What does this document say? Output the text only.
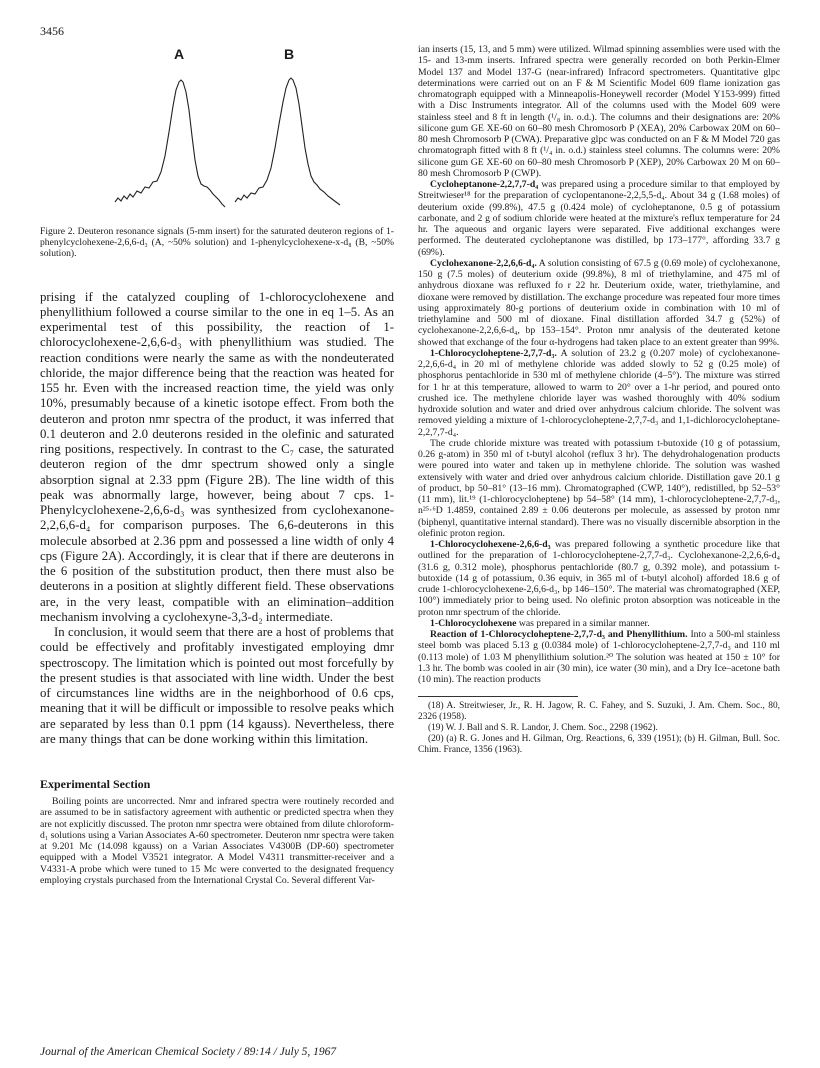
3456
A	B

Figure 2. Deuteron resonance signals (5-mm insert) for the saturated deuteron regions of 1-phenylcyclohexene-2,6,6-d₃ (A, ~50% solution) and 1-phenylcyclohexene-x-d₈ (B, ~50% solution).

prising if the catalyzed coupling of 1-chlorocyclohexene and phenyllithium followed a course similar to the one in eq 1–5. As an experimental test of this possibility, the reaction of 1-chlorocyclohexene-2,6,6-d₃ with phenyllithium was studied. The reaction conditions were nearly the same as with the nondeuterated chloride, the major difference being that the reaction was heated for 155 hr. Even with the increased reaction time, the yield was only 10%, presumably because of a kinetic isotope effect. From both the deuteron and proton nmr spectra of the product, it was inferred that 0.1 deuteron and 2.0 deuterons resided in the olefinic and saturated ring positions, respectively. In contrast to the C₇ case, the saturated deuteron region of the dmr spectrum showed only a single absorption signal at 2.33 ppm (Figure 2B). The line width of this peak was abnormally large, however, being about 7 cps. 1-Phenylcyclohexene-2,6,6-d₃ was synthesized from cyclohexanone-2,2,6,6-d₄ for comparison purposes. The 6,6-deuterons in this molecule absorbed at 2.36 ppm and possessed a line width of only 4 cps (Figure 2A). Accordingly, it is clear that if there are deuterons in the 6 position of the substitution product, then there must also be deuterons in a position at slightly different field. These observations are, in the very least, compatible with an elimination–addition mechanism involving a cyclohexyne-3,3-d₂ intermediate.

In conclusion, it would seem that there are a host of problems that could be effectively and profitably investigated employing dmr spectroscopy. The limitation which is pointed out most forcefully by the present studies is that associated with line width. Under the best of circumstances line widths are in the neighborhood of 0.6 cps, meaning that it will be difficult or impossible to resolve peaks which are separated by less than 0.1 ppm (14 kgauss). Nevertheless, there are many things that can be done working within this limitation.

Experimental Section

Boiling points are uncorrected. Nmr and infrared spectra were routinely recorded and are assumed to be in satisfactory agreement with authentic or predicted spectra when they are not explicitly discussed. The proton nmr spectra were obtained from dilute chloroform-d₁ solutions using a Varian Associates A-60 spectrometer. Deuteron nmr spectra were taken at 9.201 Mc (14.098 kgauss) on a Varian Associates V4300B (DP-60) spectrometer equipped with a Model V3521 integrator. A Model V4311 transmitter-receiver and a V4331-A probe which were tuned to 15 Mc were converted to the designated frequency employing crystals purchased from the International Crystal Co. Several different Var-

ian inserts (15, 13, and 5 mm) were utilized. Wilmad spinning assemblies were used with the 15- and 13-mm inserts. Infrared spectra were generally recorded on both Perkin-Elmer Model 137 and Model 137-G (near-infrared) Infracord spectrometers. Quantitative glpc determinations were carried out on an F & M Scientific Model 609 flame ionization gas chromatograph equipped with a Minneapolis-Honeywell recorder (Model Y153-999) fitted with a Disc Instruments integrator. All of the columns used with the Model 609 were stainless steel and 8 ft in length (¹/₈ in. o.d.). The columns and their designations are: 20% silicone gum GE XE-60 on 60–80 mesh Chromosorb P (XEA), 20% Carbowax 20M on 60–80 mesh Chromosorb P (CWA). Preparative glpc was conducted on an F & M Model 720 gas chromatograph fitted with 8 ft (¹/₄ in. o.d.) stainless steel columns. The columns were: 20% silicone gum GE XE-60 on 60–80 mesh Chromosorb P (XEP), 20% Carbowax 20 M on 60–80 mesh Chromosorb P (CWP).

Cycloheptanone-2,2,7,7-d₄ was prepared using a procedure similar to that employed by Streitwieser¹⁸ for the preparation of cyclopentanone-2,2,5,5-d₄. About 34 g (1.68 moles) of deuterium oxide (99.8%), 47.5 g (0.424 mole) of cycloheptanone, 0.5 g of potassium carbonate, and 2 g of sodium chloride were heated at the mixture's reflux temperature for 24 hr. The aqueous and organic layers were separated. Five additional exchanges were performed. The deuterated cycloheptanone was distilled, bp 173–177°, affording 33.7 g (69%).

Cyclohexanone-2,2,6,6-d₄. A solution consisting of 67.5 g (0.69 mole) of cyclohexanone, 150 g (7.5 moles) of deuterium oxide (99.8%), 8 ml of triethylamine, and 475 ml of anhydrous dioxane was refluxed fo r 22 hr. Deuterium oxide, water, triethylamine, and dioxane were removed by distillation. The exchange procedure was repeated four more times using approximately 80-g portions of deuterium oxide in combination with 10 ml of triethylamine and 500 ml of dioxane. Final distillation afforded 34.7 g (52%) of cyclohexanone-2,2,6,6-d₄, bp 153–154°. Proton nmr analysis of the deuterated ketone showed that exchange of the four α-hydrogens had taken place to an extent greater than 99%.

1-Chlorocycloheptene-2,7,7-d₃. A solution of 23.2 g (0.207 mole) of cyclohexanone-2,2,6,6-d₄ in 20 ml of methylene chloride was added slowly to 52 g (0.25 mole) of phosphorus pentachloride in 530 ml of methylene chloride (4–5°). The mixture was stirred for 1 hr at this temperature, allowed to warm to 20° over a 1-hr period, and poured onto crushed ice. The methylene chloride layer was washed thoroughly with 40% sodium hydroxide solution and water and dried over anhydrous calcium chloride. The solvent was removed yielding a mixture of 1-chlorocycloheptene-2,7,7-d₃ and 1,1-dichlorocycloheptane-2,2,7,7-d₄.

The crude chloride mixture was treated with potassium t-butoxide (10 g of potassium, 0.26 g-atom) in 350 ml of t-butyl alcohol (reflux 3 hr). The dehydrohalogenation products were poured into water and taken up in methylene chloride. The solution was washed extensively with water and dried over anhydrous calcium chloride. Distillation gave 20.1 g of product, bp 50–81° (13–16 mm). Chromatographed (CWP, 140°), redistilled, bp 52–53° (11 mm), lit.¹⁹ (1-chlorocycloheptene) bp 54–58° (14 mm), 1-chlorocycloheptene-2,7,7-d₃, n²⁵·⁶D 1.4859, contained 2.89 ± 0.06 deuterons per molecule, as assessed by proton nmr (biphenyl, quantitative internal standard). There was no visually discernible absorption in the olefinic proton region.

1-Chlorocyclohexene-2,6,6-d₃ was prepared following a synthetic procedure like that outlined for the preparation of 1-chlorocycloheptene-2,7,7-d₃. Cyclohexanone-2,2,6,6-d₄ (31.6 g, 0.312 mole), phosphorus pentachloride (80.7 g, 0.392 mole), and potassium t-butoxide (14 g of potassium, 0.36 equiv, in 365 ml of t-butyl alcohol) afforded 18.6 g of crude 1-chlorocyclohexene-2,6,6-d₃, bp 146–150°. The material was chromatographed (XEP, 100°) immediately prior to being used. No olefinic proton absorption was noticeable in the proton nmr spectrum of the chloride.

1-Chlorocyclohexene was prepared in a similar manner.

Reaction of 1-Chlorocycloheptene-2,7,7-d₃ and Phenyllithium. Into a 500-ml stainless steel bomb was placed 5.13 g (0.0384 mole) of 1-chlorocycloheptene-2,7,7-d₃ and 110 ml (0.113 mole) of 1.03 M phenyllithium solution.²⁰ The solution was heated at 150 ± 10° for 1.3 hr. The bomb was cooled in air (30 min), ice water (30 min), and a Dry Ice–acetone bath (10 min). The reaction products

(18) A. Streitwieser, Jr., R. H. Jagow, R. C. Fahey, and S. Suzuki, J. Am. Chem. Soc., 80, 2326 (1958).

(19) W. J. Ball and S. R. Landor, J. Chem. Soc., 2298 (1962).

(20) (a) R. G. Jones and H. Gilman, Org. Reactions, 6, 339 (1951); (b) H. Gilman, Bull. Soc. Chim. France, 1356 (1963).

Journal of the American Chemical Society / 89:14 / July 5, 1967
